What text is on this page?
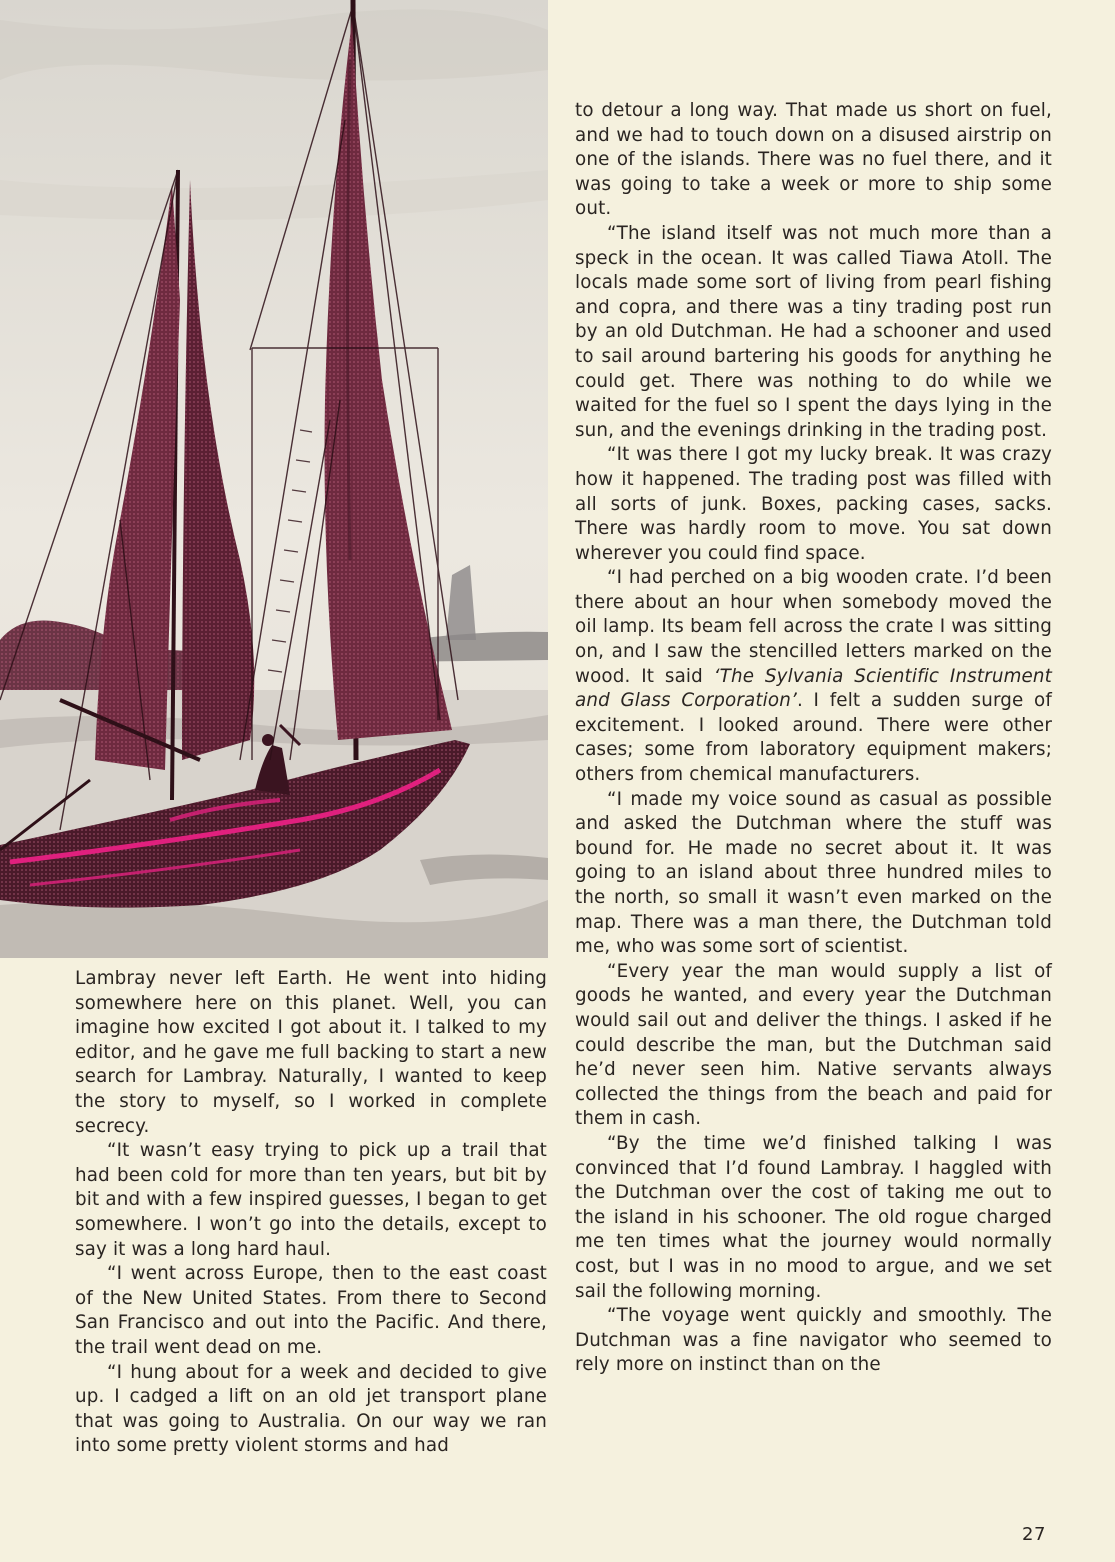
Lambray never left Earth. He went into hiding somewhere here on this planet. Well, you can imagine how excited I got about it. I talked to my editor, and he gave me full backing to start a new search for Lambray. Naturally, I wanted to keep the story to myself, so I worked in complete secrecy.

“It wasn’t easy trying to pick up a trail that had been cold for more than ten years, but bit by bit and with a few inspired guesses, I began to get somewhere. I won’t go into the details, except to say it was a long hard haul.

“I went across Europe, then to the east coast of the New United States. From there to Second San Francisco and out into the Pacific. And there, the trail went dead on me.

“I hung about for a week and decided to give up. I cadged a lift on an old jet transport plane that was going to Australia. On our way we ran into some pretty violent storms and had

to detour a long way. That made us short on fuel, and we had to touch down on a disused airstrip on one of the islands. There was no fuel there, and it was going to take a week or more to ship some out.

“The island itself was not much more than a speck in the ocean. It was called Tiawa Atoll. The locals made some sort of living from pearl fishing and copra, and there was a tiny trading post run by an old Dutchman. He had a schooner and used to sail around bartering his goods for anything he could get. There was nothing to do while we waited for the fuel so I spent the days lying in the sun, and the evenings drinking in the trading post.

“It was there I got my lucky break. It was crazy how it happened. The trading post was filled with all sorts of junk. Boxes, packing cases, sacks. There was hardly room to move. You sat down wherever you could find space.

“I had perched on a big wooden crate. I’d been there about an hour when somebody moved the oil lamp. Its beam fell across the crate I was sitting on, and I saw the stencilled letters marked on the wood. It said ‘The Sylvania Scientific Instrument and Glass Corporation’. I felt a sudden surge of excitement. I looked around. There were other cases; some from laboratory equipment makers; others from chemical manufacturers.

“I made my voice sound as casual as possible and asked the Dutchman where the stuff was bound for. He made no secret about it. It was going to an island about three hundred miles to the north, so small it wasn’t even marked on the map. There was a man there, the Dutchman told me, who was some sort of scientist.

“Every year the man would supply a list of goods he wanted, and every year the Dutchman would sail out and deliver the things. I asked if he could describe the man, but the Dutchman said he’d never seen him. Native servants always collected the things from the beach and paid for them in cash.

“By the time we’d finished talking I was convinced that I’d found Lambray. I haggled with the Dutchman over the cost of taking me out to the island in his schooner. The old rogue charged me ten times what the journey would normally cost, but I was in no mood to argue, and we set sail the following morning.

“The voyage went quickly and smoothly. The Dutchman was a fine navigator who seemed to rely more on instinct than on the

27
